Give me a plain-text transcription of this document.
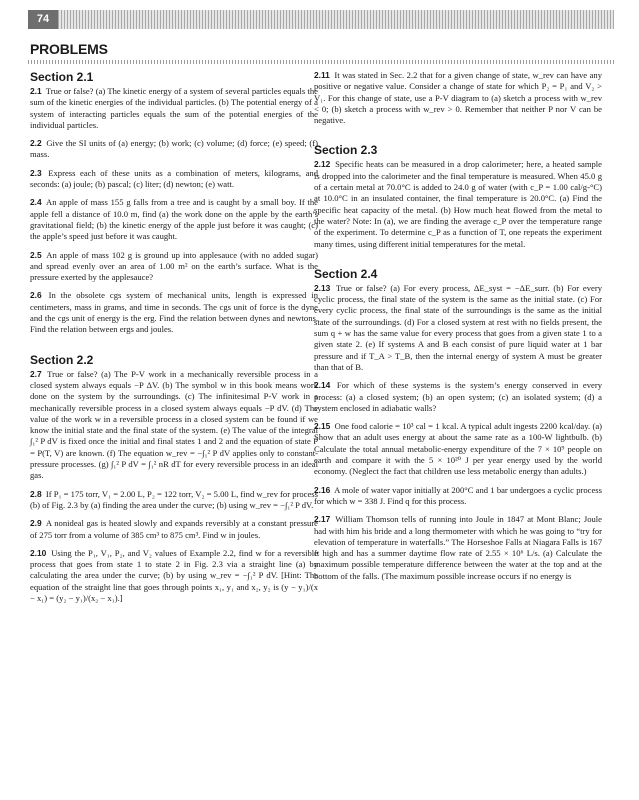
74
PROBLEMS
Section 2.1

2.1 True or false? (a) The kinetic energy of a system of several particles equals the sum of the kinetic energies of the individual particles. (b) The potential energy of a system of interacting particles equals the sum of the potential energies of the individual particles.

2.2 Give the SI units of (a) energy; (b) work; (c) volume; (d) force; (e) speed; (f) mass.

2.3 Express each of these units as a combination of meters, kilograms, and seconds: (a) joule; (b) pascal; (c) liter; (d) newton; (e) watt.

2.4 An apple of mass 155 g falls from a tree and is caught by a small boy. If the apple fell a distance of 10.0 m, find (a) the work done on the apple by the earth’s gravitational field; (b) the kinetic energy of the apple just before it was caught; (c) the apple’s speed just before it was caught.

2.5 An apple of mass 102 g is ground up into applesauce (with no added sugar) and spread evenly over an area of 1.00 m² on the earth’s surface. What is the pressure exerted by the applesauce?

2.6 In the obsolete cgs system of mechanical units, length is expressed in centimeters, mass in grams, and time in seconds. The cgs unit of force is the dyne and the cgs unit of energy is the erg. Find the relation between dynes and newtons. Find the relation between ergs and joules.

Section 2.2

2.7 True or false? (a) The P-V work in a mechanically reversible process in a closed system always equals −P ΔV. (b) The symbol w in this book means work done on the system by the surroundings. (c) The infinitesimal P-V work in a mechanically reversible process in a closed system always equals −P dV. (d) The value of the work w in a reversible process in a closed system can be found if we know the initial state and the final state of the system. (e) The value of the integral ∫₁² P dV is fixed once the initial and final states 1 and 2 and the equation of state P = P(T, V) are known. (f) The equation w_rev = −∫₁² P dV applies only to constant-pressure processes. (g) ∫₁² P dV = ∫₁² nR dT for every reversible process in an ideal gas.

2.8 If P₁ = 175 torr, V₁ = 2.00 L, P₂ = 122 torr, V₂ = 5.00 L, find w_rev for process (b) of Fig. 2.3 by (a) finding the area under the curve; (b) using w_rev = −∫₁² P dV.

2.9 A nonideal gas is heated slowly and expands reversibly at a constant pressure of 275 torr from a volume of 385 cm³ to 875 cm³. Find w in joules.

2.10 Using the P₁, V₁, P₂, and V₂ values of Example 2.2, find w for a reversible process that goes from state 1 to state 2 in Fig. 2.3 via a straight line (a) by calculating the area under the curve; (b) by using w_rev = −∫₁² P dV. [Hint: The equation of the straight line that goes through points x₁, y₁ and x₂, y₂ is (y − y₁)/(x − x₁) = (y₂ − y₁)/(x₂ − x₁).]

2.11 It was stated in Sec. 2.2 that for a given change of state, w_rev can have any positive or negative value. Consider a change of state for which P₂ = P₁ and V₂ > V₁. For this change of state, use a P-V diagram to (a) sketch a process with w_rev < 0; (b) sketch a process with w_rev > 0. Remember that neither P nor V can be negative.

Section 2.3

2.12 Specific heats can be measured in a drop calorimeter; here, a heated sample is dropped into the calorimeter and the final temperature is measured. When 45.0 g of a certain metal at 70.0°C is added to 24.0 g of water (with c_P = 1.00 cal/g-°C) at 10.0°C in an insulated container, the final temperature is 20.0°C. (a) Find the specific heat capacity of the metal. (b) How much heat flowed from the metal to the water? Note: In (a), we are finding the average c_P over the temperature range of the experiment. To determine c_P as a function of T, one repeats the experiment many times, using different initial temperatures for the metal.

Section 2.4

2.13 True or false? (a) For every process, ΔE_syst = −ΔE_surr. (b) For every cyclic process, the final state of the system is the same as the initial state. (c) For every cyclic process, the final state of the surroundings is the same as the initial state of the surroundings. (d) For a closed system at rest with no fields present, the sum q + w has the same value for every process that goes from a given state 1 to a given state 2. (e) If systems A and B each consist of pure liquid water at 1 bar pressure and if T_A > T_B, then the internal energy of system A must be greater than that of B.

2.14 For which of these systems is the system’s energy conserved in every process: (a) a closed system; (b) an open system; (c) an isolated system; (d) a system enclosed in adiabatic walls?

2.15 One food calorie = 10³ cal = 1 kcal. A typical adult ingests 2200 kcal/day. (a) Show that an adult uses energy at about the same rate as a 100-W lightbulb. (b) Calculate the total annual metabolic-energy expenditure of the 7 × 10⁹ people on earth and compare it with the 5 × 10²⁰ J per year energy used by the world economy. (Neglect the fact that children use less metabolic energy than adults.)

2.16 A mole of water vapor initially at 200°C and 1 bar undergoes a cyclic process for which w = 338 J. Find q for this process.

2.17 William Thomson tells of running into Joule in 1847 at Mont Blanc; Joule had with him his bride and a long thermometer with which he was going to “try for elevation of temperature in waterfalls.” The Horseshoe Falls at Niagara Falls is 167 ft high and has a summer daytime flow rate of 2.55 × 10⁶ L/s. (a) Calculate the maximum possible temperature difference between the water at the top and at the bottom of the falls. (The maximum possible increase occurs if no energy is
